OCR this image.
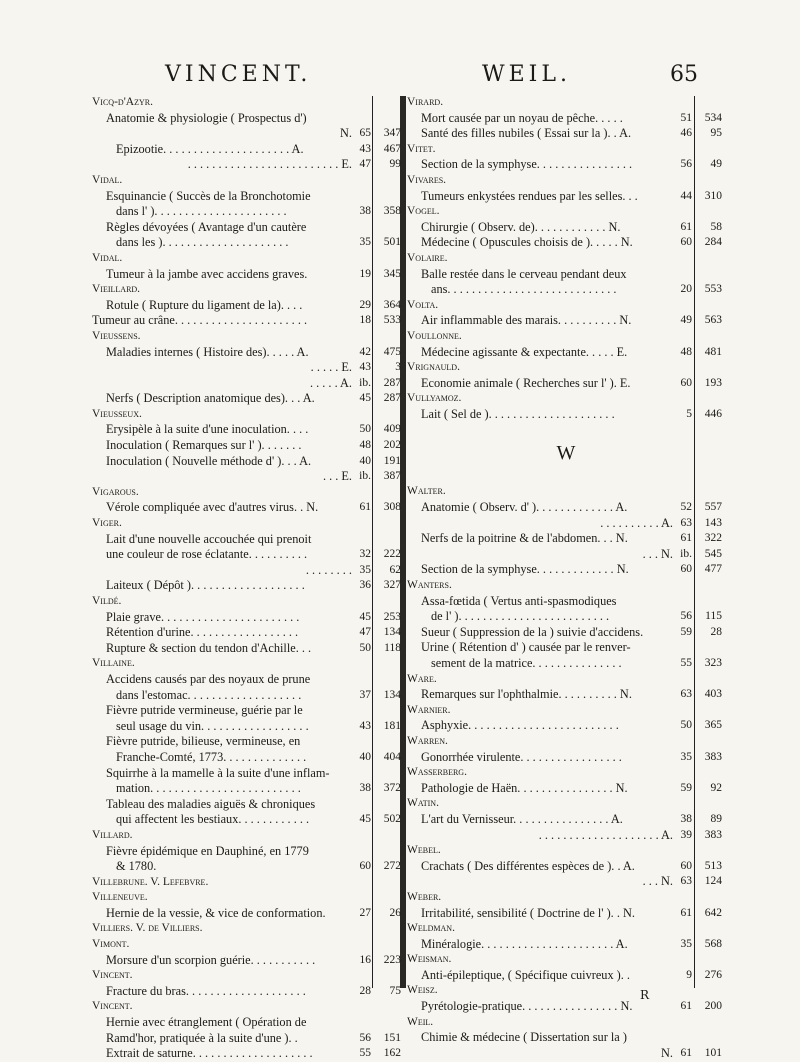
VINCENT.	WEIL.	65
Vicq-d'Azyr.
Anatomie & physiologie ( Prospectus d')
N. 65	347
Epizootie. . . . . . . . . . . . . . . . . . . . . A.	43	467
. . . . . . . . . . . . . . . . . . . . . . . . . E. 47	99
Vidal.
Esquinancie ( Succès de la Bronchotomie
dans l' ). . . . . . . . . . . . . . . . . . . . . .	38	358
Règles dévoyées ( Avantage d'un cautère
dans les ). . . . . . . . . . . . . . . . . . . . .	35	501
Vidal.
Tumeur à la jambe avec accidens graves.	19	345
Vieillard.
Rotule ( Rupture du ligament de la). . . .	29	364
Tumeur au crâne. . . . . . . . . . . . . . . . . . . . . .	18	533
Vieussens.
Maladies internes ( Histoire des). . . . . A.	42	475
. . . . . E. 43	3
. . . . . A. ib.	287
Nerfs ( Description anatomique des). . . A.	45	287
Vieusseux.
Erysipèle à la suite d'une inoculation. . . .	50	409
Inoculation ( Remarques sur l' ). . . . . . .	48	202
Inoculation ( Nouvelle méthode d' ). . . A.	40	191
. . . E. ib.	387
Vigarous.
Vérole compliquée avec d'autres virus. . N.	61	308
Viger.
Lait d'une nouvelle accouchée qui prenoit
une couleur de rose éclatante. . . . . . . . . .	32	222
. . . . . . . . 35	62
Laiteux ( Dépôt ). . . . . . . . . . . . . . . . . . .	36	327
Vildé.
Plaie grave. . . . . . . . . . . . . . . . . . . . . . .	45	253
Rétention d'urine. . . . . . . . . . . . . . . . . .	47	134
Rupture & section du tendon d'Achille. . .	50	118
Villaine.
Accidens causés par des noyaux de prune
dans l'estomac. . . . . . . . . . . . . . . . . . .	37	134
Fièvre putride vermineuse, guérie par le
seul usage du vin. . . . . . . . . . . . . . . . . .	43	181
Fièvre putride, bilieuse, vermineuse, en
Franche-Comté, 1773. . . . . . . . . . . . . .	40	404
Squirrhe à la mamelle à la suite d'une inflam-
mation. . . . . . . . . . . . . . . . . . . . . . . . .	38	372
Tableau des maladies aiguës & chroniques
qui affectent les bestiaux. . . . . . . . . . . .	45	502
Villard.
Fièvre épidémique en Dauphiné, en 1779
& 1780.	60	272
Villebrune. V. Lefebvre.
Villeneuve.
Hernie de la vessie, & vice de conformation.	27	26
Villiers. V. de Villiers.
Vimont.
Morsure d'un scorpion guérie. . . . . . . . . . .	16	223
Vincent.
Fracture du bras. . . . . . . . . . . . . . . . . . . .	28	75
Vincent.
Hernie avec étranglement ( Opération de
Ramd'hor, pratiquée à la suite d'une ). .	56	151
Extrait de saturne. . . . . . . . . . . . . . . . . . . .	55	162
Virard.
Mort causée par un noyau de pêche. . . . .	51	534
Santé des filles nubiles ( Essai sur la ). . A.	46	95
Vitet.
Section de la symphyse. . . . . . . . . . . . . . . .	56	49
Vivares.
Tumeurs enkystées rendues par les selles. . .	44	310
Vogel.
Chirurgie ( Observ. de). . . . . . . . . . . . N.	61	58
Médecine ( Opuscules choisis de ). . . . . N.	60	284
Volaire.
Balle restée dans le cerveau pendant deux
ans. . . . . . . . . . . . . . . . . . . . . . . . . . . .	20	553
Volta.
Air inflammable des marais. . . . . . . . . . N.	49	563
Voullonne.
Médecine agissante & expectante. . . . . E.	48	481
Vrignauld.
Economie animale ( Recherches sur l' ). E.	60	193
Vullyamoz.
Lait ( Sel de ). . . . . . . . . . . . . . . . . . . . .	5	446
W
Walter.
Anatomie ( Observ. d' ). . . . . . . . . . . . . A.	52	557
. . . . . . . . . . A. 63	143
Nerfs de la poitrine & de l'abdomen. . . N.	61	322
. . . N. ib.	545
Section de la symphyse. . . . . . . . . . . . . N.	60	477
Wanters.
Assa-fœtida ( Vertus anti-spasmodiques
de l' ). . . . . . . . . . . . . . . . . . . . . . . . .	56	115
Sueur ( Suppression de la ) suivie d'accidens.	59	28
Urine ( Rétention d' ) causée par le renver-
sement de la matrice. . . . . . . . . . . . . . .	55	323
Ware.
Remarques sur l'ophthalmie. . . . . . . . . . N.	63	403
Warnier.
Asphyxie. . . . . . . . . . . . . . . . . . . . . . . . .	50	365
Warren.
Gonorrhée virulente. . . . . . . . . . . . . . . . .	35	383
Wasserberg.
Pathologie de Haën. . . . . . . . . . . . . . . . N.	59	92
Watin.
L'art du Vernisseur. . . . . . . . . . . . . . . . A.	38	89
. . . . . . . . . . . . . . . . . . . . A. 39	383
Webel.
Crachats ( Des différentes espèces de ). . A.	60	513
. . . N. 63	124
Weber.
Irritabilité, sensibilité ( Doctrine de l' ). . N.	61	642
Weldman.
Minéralogie. . . . . . . . . . . . . . . . . . . . . . A.	35	568
Weisman.
Anti-épileptique, ( Spécifique cuivreux ). .	9	276
Weisz.
Pyrétologie-pratique. . . . . . . . . . . . . . . . N.	61	200
Weil.
Chimie & médecine ( Dissertation sur la )
N. 61	101
R
